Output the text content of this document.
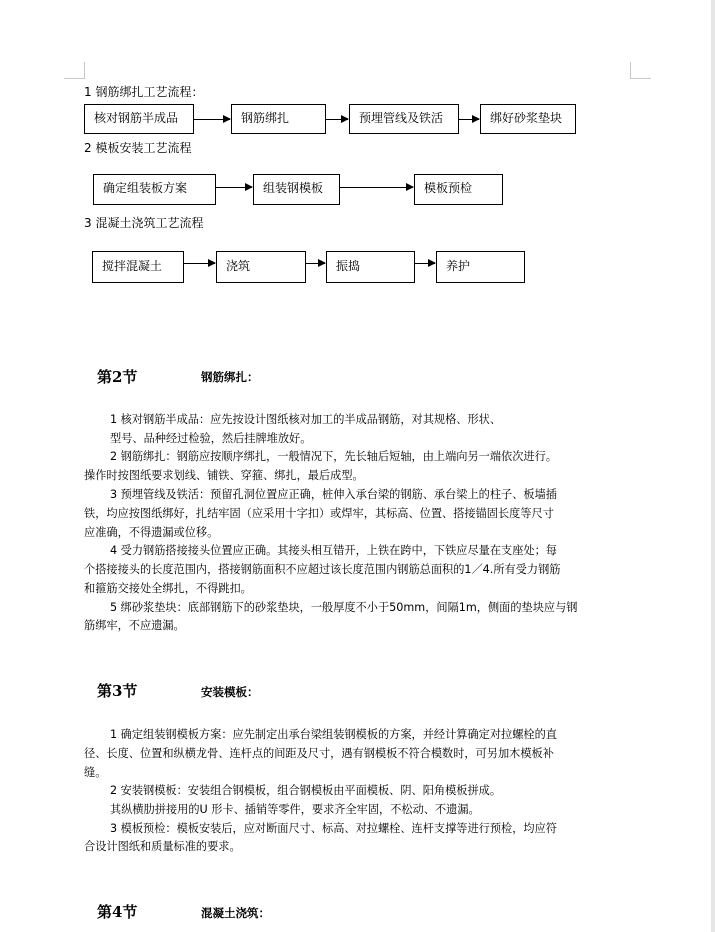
1 钢筋绑扎工艺流程：
核对钢筋半成品	钢筋绑扎	预埋管线及铁活	绑好砂浆垫块
2 模板安装工艺流程
确定组装板方案	组装钢模板	模板预检
3 混凝土浇筑工艺流程
搅拌混凝土	浇筑	振捣	养护
第2节	钢筋绑扎：
1 核对钢筋半成品：应先按设计图纸核对加工的半成品钢筋，对其规格、形状、
型号、品种经过检验，然后挂牌堆放好。
2 钢筋绑扎：钢筋应按顺序绑扎，一般情况下，先长轴后短轴，由上端向另一端依次进行。
操作时按图纸要求划线、铺铁、穿箍、绑扎，最后成型。
3 预埋管线及铁活：预留孔洞位置应正确，桩伸入承台梁的钢筋、承台梁上的柱子、板墙插
铁，均应按图纸绑好，扎结牢固（应采用十字扣）或焊牢，其标高、位置、搭接锚固长度等尺寸
应准确，不得遗漏或位移。
4 受力钢筋搭接接头位置应正确。其接头相互错开，上铁在跨中，下铁应尽量在支座处；每
个搭接接头的长度范围内，搭接钢筋面积不应超过该长度范围内钢筋总面积的1／4.所有受力钢筋
和箍筋交接处全绑扎，不得跳扣。
5 绑砂浆垫块：底部钢筋下的砂浆垫块，一般厚度不小于50mm，间隔1m，侧面的垫块应与钢
筋绑牢，不应遗漏。
第3节	安装模板：
1 确定组装钢模板方案：应先制定出承台梁组装钢模板的方案，并经计算确定对拉螺栓的直
径、长度、位置和纵横龙骨、连杆点的间距及尺寸，遇有钢模板不符合模数时，可另加木模板补
缝。
2 安装钢模板：安装组合钢模板，组合钢模板由平面模板、阴、阳角模板拼成。
其纵横肋拼接用的U 形卡、插销等零件，要求齐全牢固，不松动、不遗漏。
3 模板预检：模板安装后，应对断面尺寸、标高、对拉螺栓、连杆支撑等进行预检，均应符
合设计图纸和质量标准的要求。
第4节	混凝土浇筑：
